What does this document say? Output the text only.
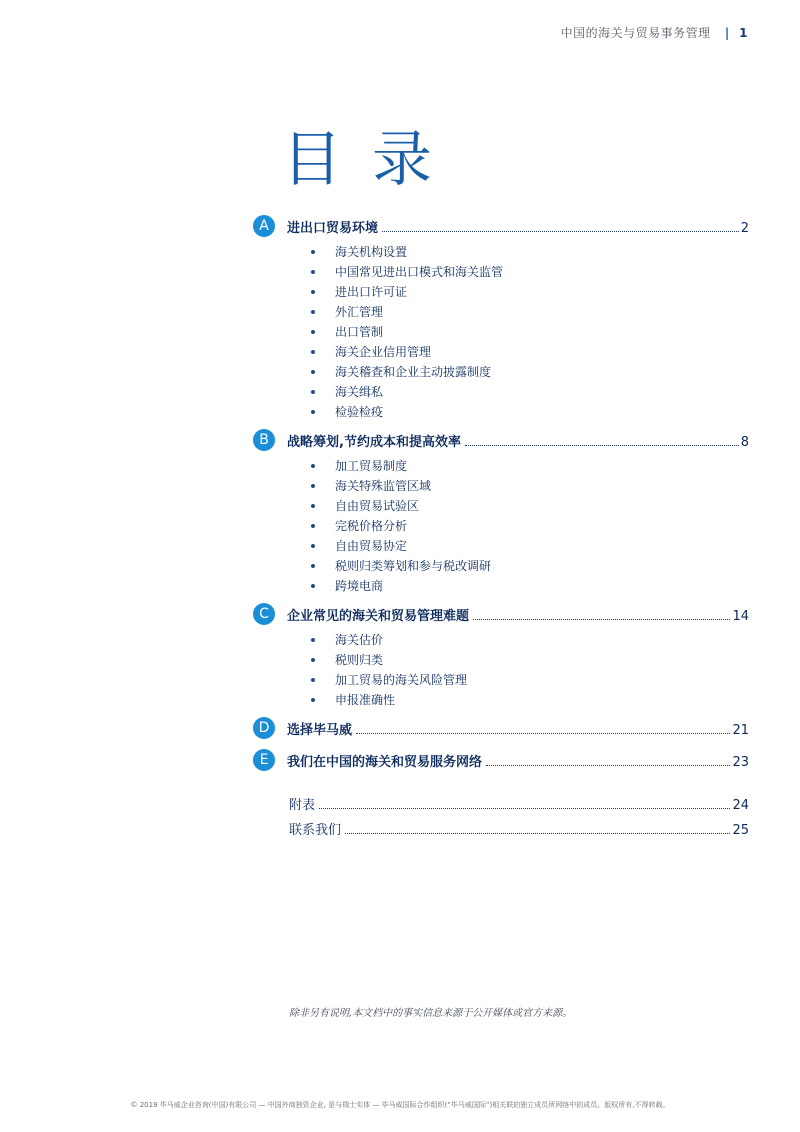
中国的海关与贸易事务管理 | 1
目录
A	进出口贸易环境	2
海关机构设置
中国常见进出口模式和海关监管
进出口许可证
外汇管理
出口管制
海关企业信用管理
海关稽查和企业主动披露制度
海关缉私
检验检疫
B	战略筹划,节约成本和提高效率	8
加工贸易制度
海关特殊监管区域
自由贸易试验区
完税价格分析
自由贸易协定
税则归类筹划和参与税改调研
跨境电商
C	企业常见的海关和贸易管理难题	14
海关估价
税则归类
加工贸易的海关风险管理
申报准确性
D	选择毕马威	21
E	我们在中国的海关和贸易服务网络	23
附表	24
联系我们	25
除非另有说明,本文档中的事实信息来源于公开媒体或官方来源。
© 2019 毕马威企业咨询(中国)有限公司 — 中国外商独资企业, 是与瑞士实体 — 毕马威国际合作组织(“毕马威国际”)相关联的独立成员所网络中的成员。版权所有,不得转载。
